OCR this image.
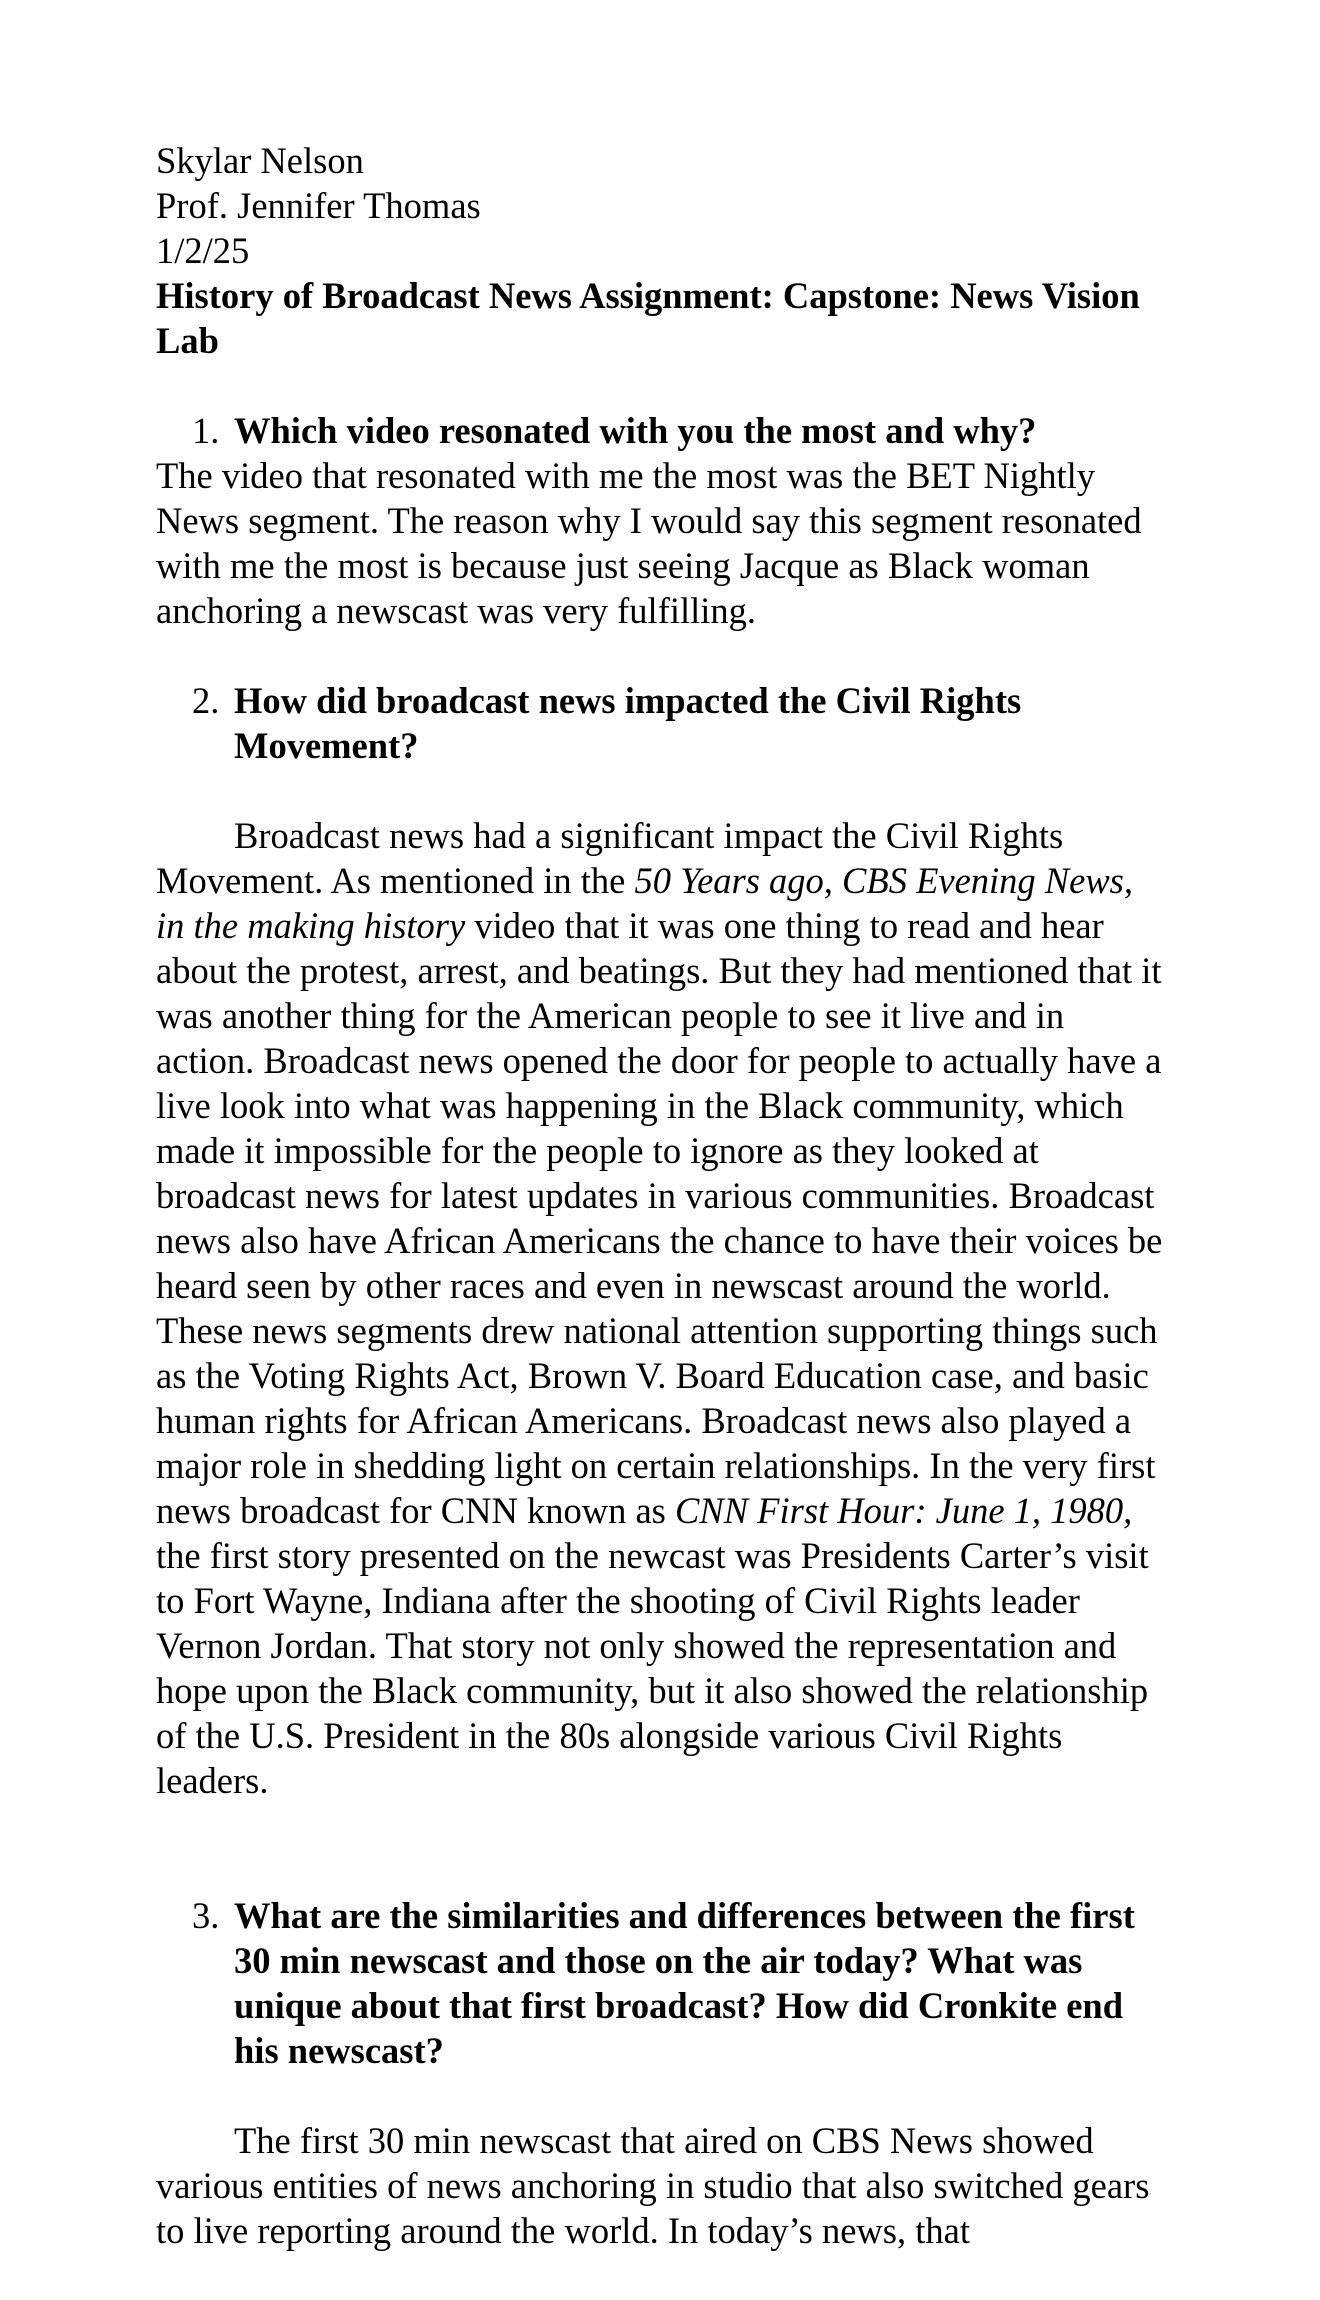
Skylar Nelson
Prof. Jennifer Thomas
1/2/25
History of Broadcast News Assignment: Capstone: News Vision Lab
1. Which video resonated with you the most and why?

The video that resonated with me the most was the BET Nightly News segment. The reason why I would say this segment resonated with me the most is because just seeing Jacque as Black woman anchoring a newscast was very fulfilling.

2. How did broadcast news impacted the Civil Rights Movement?

Broadcast news had a significant impact the Civil Rights Movement. As mentioned in the 50 Years ago, CBS Evening News, in the making history video that it was one thing to read and hear about the protest, arrest, and beatings. But they had mentioned that it was another thing for the American people to see it live and in action. Broadcast news opened the door for people to actually have a live look into what was happening in the Black community, which made it impossible for the people to ignore as they looked at broadcast news for latest updates in various communities. Broadcast news also have African Americans the chance to have their voices be heard seen by other races and even in newscast around the world. These news segments drew national attention supporting things such as the Voting Rights Act, Brown V. Board Education case, and basic human rights for African Americans. Broadcast news also played a major role in shedding light on certain relationships. In the very first news broadcast for CNN known as CNN First Hour: June 1, 1980, the first story presented on the newcast was Presidents Carter’s visit to Fort Wayne, Indiana after the shooting of Civil Rights leader Vernon Jordan. That story not only showed the representation and hope upon the Black community, but it also showed the relationship of the U.S. President in the 80s alongside various Civil Rights leaders.

3. What are the similarities and differences between the first 30 min newscast and those on the air today? What was unique about that first broadcast? How did Cronkite end his newscast?

The first 30 min newscast that aired on CBS News showed various entities of news anchoring in studio that also switched gears to live reporting around the world. In today’s news, that
